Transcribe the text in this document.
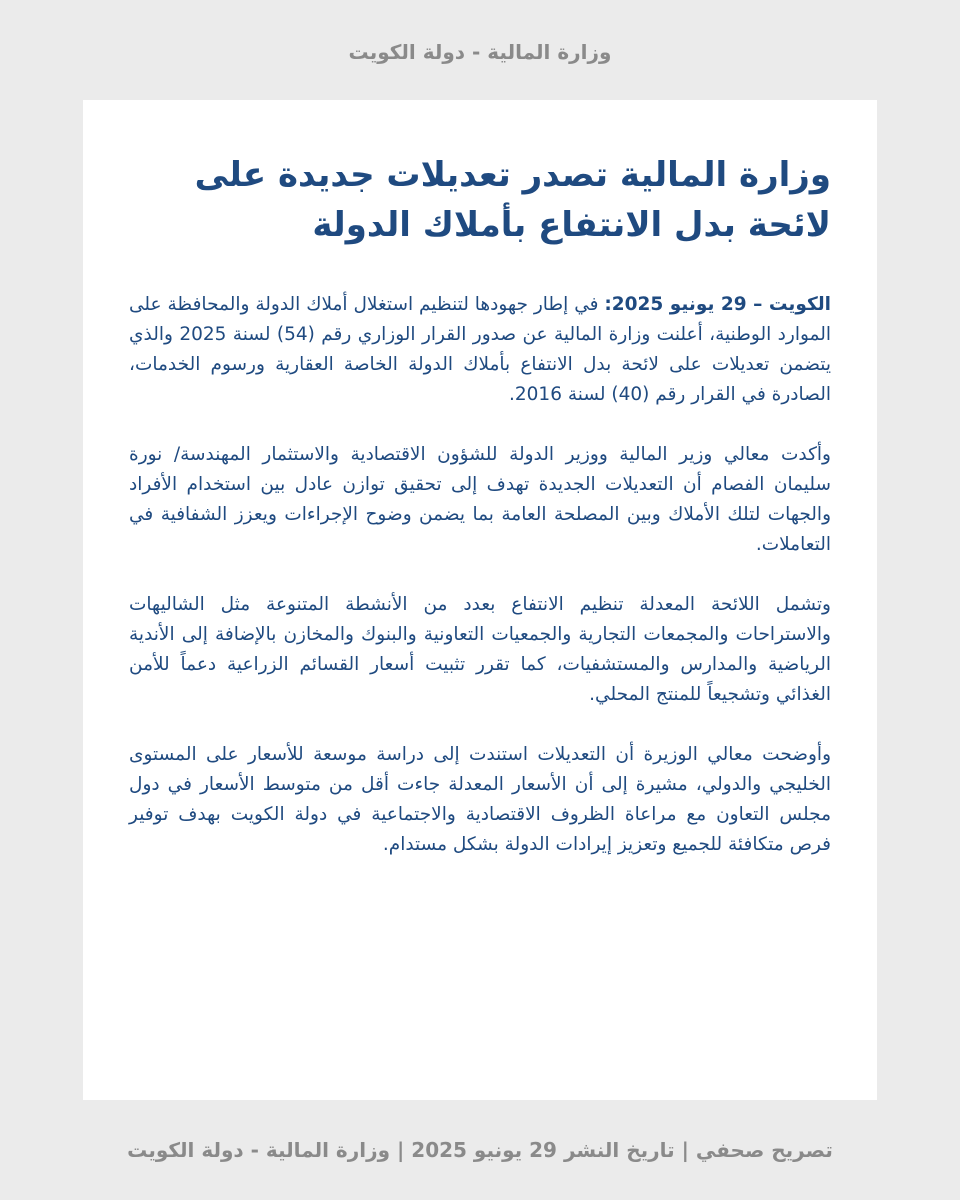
وزارة المالية - دولة الكويت
وزارة المالية تصدر تعديلات جديدة على لائحة بدل الانتفاع بأملاك الدولة

الكويت – 29 يونيو 2025: في إطار جهودها لتنظيم استغلال أملاك الدولة والمحافظة على الموارد الوطنية، أعلنت وزارة المالية عن صدور القرار الوزاري رقم (54) لسنة 2025 والذي يتضمن تعديلات على لائحة بدل الانتفاع بأملاك الدولة الخاصة العقارية ورسوم الخدمات، الصادرة في القرار رقم (40) لسنة 2016.

وأكدت معالي وزير المالية ووزير الدولة للشؤون الاقتصادية والاستثمار المهندسة/ نورة سليمان الفصام أن التعديلات الجديدة تهدف إلى تحقيق توازن عادل بين استخدام الأفراد والجهات لتلك الأملاك وبين المصلحة العامة بما يضمن وضوح الإجراءات ويعزز الشفافية في التعاملات.

وتشمل اللائحة المعدلة تنظيم الانتفاع بعدد من الأنشطة المتنوعة مثل الشاليهات والاستراحات والمجمعات التجارية والجمعيات التعاونية والبنوك والمخازن بالإضافة إلى الأندية الرياضية والمدارس والمستشفيات، كما تقرر تثبيت أسعار القسائم الزراعية دعماً للأمن الغذائي وتشجيعاً للمنتج المحلي.

وأوضحت معالي الوزيرة أن التعديلات استندت إلى دراسة موسعة للأسعار على المستوى الخليجي والدولي، مشيرة إلى أن الأسعار المعدلة جاءت أقل من متوسط الأسعار في دول مجلس التعاون مع مراعاة الظروف الاقتصادية والاجتماعية في دولة الكويت بهدف توفير فرص متكافئة للجميع وتعزيز إيرادات الدولة بشكل مستدام.

تصريح صحفي | تاريخ النشر 29 يونيو 2025 | وزارة المالية - دولة الكويت
